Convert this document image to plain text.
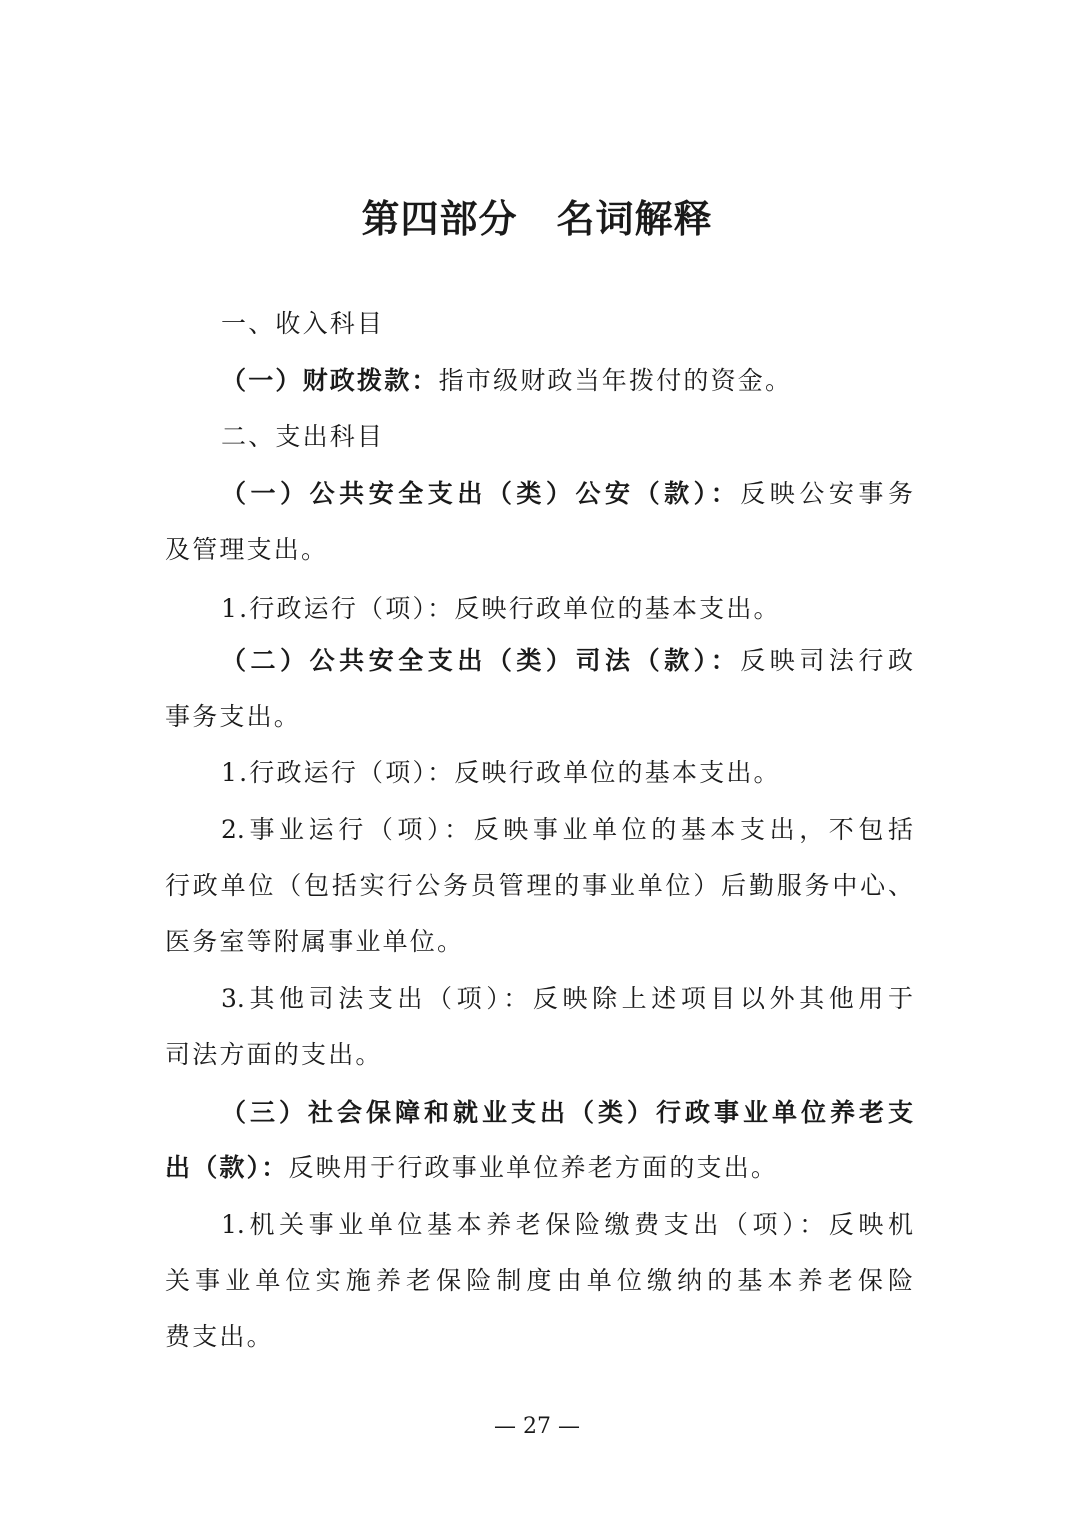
第四部分　名词解释
一、收入科目
（一）财政拨款：指市级财政当年拨付的资金。
二、支出科目
（一）公共安全支出（类）公安（款）：反映公安事务
及管理支出。
1.行政运行（项）：反映行政单位的基本支出。
（二）公共安全支出（类）司法（款）：反映司法行政
事务支出。
1.行政运行（项）：反映行政单位的基本支出。
2.事业运行（项）：反映事业单位的基本支出，不包括
行政单位（包括实行公务员管理的事业单位）后勤服务中心、
医务室等附属事业单位。
3.其他司法支出（项）：反映除上述项目以外其他用于
司法方面的支出。
（三）社会保障和就业支出（类）行政事业单位养老支
出（款）：反映用于行政事业单位养老方面的支出。
1.机关事业单位基本养老保险缴费支出（项）：反映机
关事业单位实施养老保险制度由单位缴纳的基本养老保险
费支出。
— 27 —
